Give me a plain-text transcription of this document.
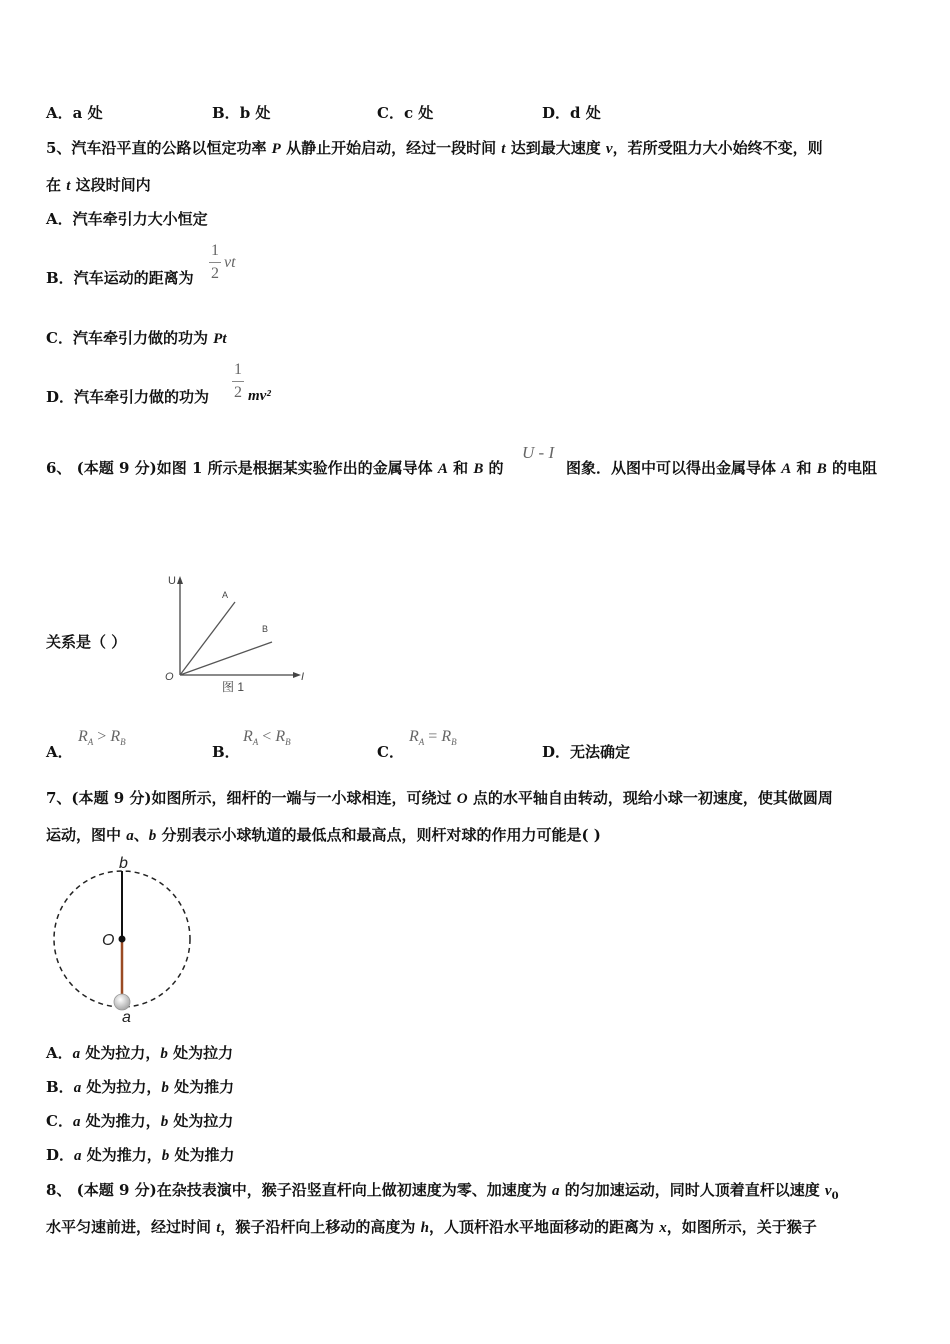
A．a 处	B．b 处	C．c 处	D．d 处
5、汽车沿平直的公路以恒定功率 P 从静止开始启动，经过一段时间 t 达到最大速度 v，若所受阻力大小始终不变，则
在 t 这段时间内
A．汽车牵引力大小恒定
B．汽车运动的距离为
1
2
vt
C．汽车牵引力做的功为 Pt
D．汽车牵引力做的功为
1
2 mv²
6、 (本题 9 分)如图 1 所示是根据某实验作出的金属导体 A 和 B 的
U - I
图象．从图中可以得出金属导体 A 和 B 的电阻
关系是（ ）
U
I
O
A
B
图 1
A．
$R_A > R_B$
B．
$R_A < R_B$
C．
$R_A = R_B$
D．无法确定
7、(本题 9 分)如图所示，细杆的一端与一小球相连，可绕过 O 点的水平轴自由转动，现给小球一初速度，使其做圆周
运动，图中 a、b 分别表示小球轨道的最低点和最高点，则杆对球的作用力可能是( )
b
O
a
A．a 处为拉力，b 处为拉力
B．a 处为拉力，b 处为推力
C．a 处为推力，b 处为拉力
D．a 处为推力，b 处为推力
8、 (本题 9 分)在杂技表演中，猴子沿竖直杆向上做初速度为零、加速度为 a 的匀加速运动，同时人顶着直杆以速度 $v_0$
水平匀速前进，经过时间 t，猴子沿杆向上移动的高度为 h，人顶杆沿水平地面移动的距离为 x，如图所示，关于猴子
